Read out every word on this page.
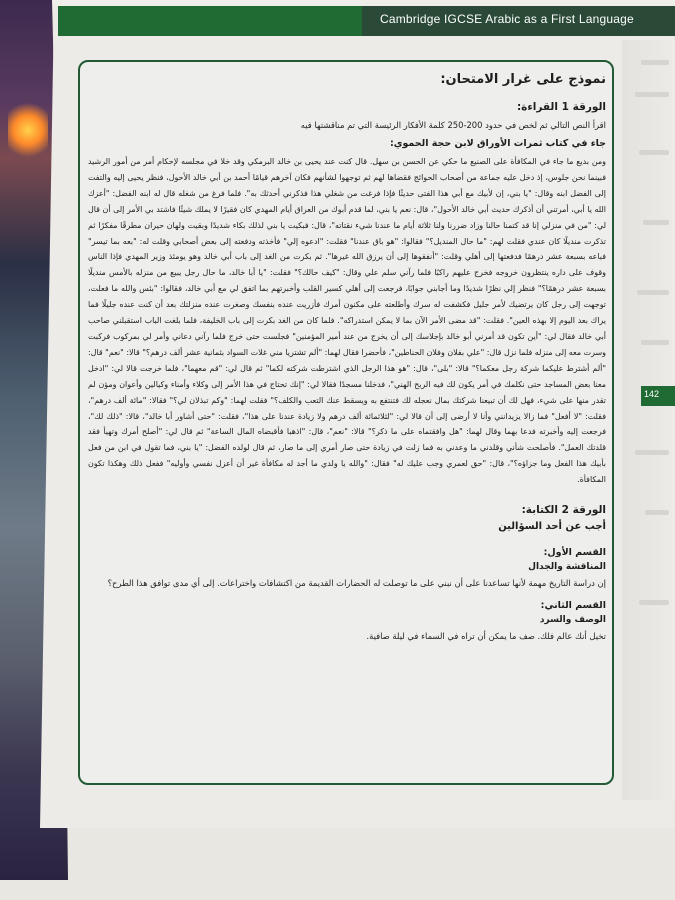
Cambridge IGCSE Arabic as a First Language
142
نموذج على غرار الامتحان:
الورقة 1 القراءة:
اقرأ النص التالي ثم لخص في حدود 200-250 كلمة الأفكار الرئيسة التي تم مناقشتها فيه
جاء في كتاب ثمرات الأوراق لابن حجة الحموي:
ومن بديع ما جاء في المكافأة على الصنيع ما حكي عن الحسن بن سهل. قال كنت عند يحيى بن خالد البرمكي وقد خلا في مجلسه لإحكام أمر من أمور الرشيد فبينما نحن جلوس، إذ دخل عليه جماعة من أصحاب الحوائج فقضاها لهم ثم توجهوا لشأنهم فكان آخرهم قيامًا أحمد بن أبي خالد الأحول، فنظر يحيى إليه والتفت إلى الفضل ابنه وقال: "يا بني، إن لأبيك مع أبي هذا الفتى حديثًا فإذا فرغت من شغلي هذا فذكرني أحدثك به". فلما فرغ من شغله قال له ابنه الفضل: "أعزك الله يا أبي، أمرتني أن أذكرك حديث أبي خالد الأحول"، قال: نعم يا بني، لما قدم أبوك من العراق أيام المهدي كان فقيرًا لا يملك شيئًا فاشتد بي الأمر إلى أن قال لي: "من في منزلي إنا قد كتمنا حالنا وزاد ضررنا ولنا ثلاثة أيام ما عندنا شيء نقتاته"، قال: فبكيت يا بني لذلك بكاء شديدًا وبقيت ولهان حيران مطرقًا مفكرًا ثم تذكرت منديلًا كان عندي فقلت لهم: "ما حال المنديل؟" فقالوا: "هو باق عندنا" فقلت: "ادعوه إلي" فأخذته ودفعته إلى بعض أصحابي وقلت له: "بعه بما تيسر" فباعه بسبعة عشر درهمًا فدفعتها إلى أهلي وقلت: "أنفقوها إلى أن يرزق الله غيرها". ثم بكرت من الغد إلى باب أبي خالد وهو يومئذ وزير المهدي فإذا الناس وقوف على داره ينتظرون خروجه فخرج عليهم راكبًا فلما رآني سلم علي وقال: "كيف حالك؟" فقلت: "يا أبا خالد، ما حال رجل يبيع من منزله بالأمس منديلًا بسبعة عشر درهمًا؟" فنظر إلي نظرًا شديدًا وما أجابني جوابًا، فرجعت إلى أهلي كسير القلب وأخبرتهم بما اتفق لي مع أبي خالد، فقالوا: "بئس والله ما فعلت، توجهت إلى رجل كان يرتضيك لأمر جليل فكشفت له سرك وأطلعته على مكنون أمرك فأزريت عنده بنفسك وصغرت عنده منزلتك بعد أن كنت عنده جليلًا فما يراك بعد اليوم إلا بهذه العين". فقلت: "قد مضى الأمر الآن بما لا يمكن استدراكه". فلما كان من الغد بكرت إلى باب الخليفة، فلما بلغت الباب استقبلني صاحب أبي خالد فقال لي: "أين تكون قد أمرني أبو خالد بإجلاسك إلى أن يخرج من عند أمير المؤمنين" فجلست حتى خرج فلما رآني دعاني وأمر لي بمركوب فركبت وسرت معه إلى منزله فلما نزل قال: "علي بفلان وفلان الحناطين"، فأحضرا فقال لهما: "ألم تشتريا مني غلات السواد بثمانية عشر ألف درهم؟" قالا: "نعم" قال: "ألم أشترط عليكما شركة رجل معكما؟" قالا: "بلى"، قال: "هو هذا الرجل الذي اشترطت شركته لكما" ثم قال لي: "قم معهما"، فلما خرجت قالا لي: "ادخل معنا بعض المساجد حتى نكلمك في أمر يكون لك فيه الربح الهني"، فدخلنا مسجدًا فقالا لي: "إنك تحتاج في هذا الأمر إلى وكلاء وأمناء وكيالين وأعوان ومؤن لم تقدر منها على شيء، فهل لك أن تبيعنا شركتك بمال نعجله لك فتنتفع به ويسقط عنك التعب والكلف؟" فقلت لهما: "وكم تبذلان لي؟" فقالا: "مائة ألف درهم"، فقلت: "لا أفعل" فما زالا يزيدانني وأنا لا أرضى إلى أن قالا لي: "لثلاثمائة ألف درهم ولا زيادة عندنا على هذا"، فقلت: "حتى أشاور أبا خالد"، قالا: "ذلك لك"، فرجعت إليه وأخبرته فدعا بهما وقال لهما: "هل وافقتماه على ما ذكر؟" قالا: "نعم"، قال: "اذهبا فأقبضاه المال الساعة" ثم قال لي: "أصلح أمرك وتهيأ فقد قلدتك العمل". فأصلحت شأني وقلدني ما وعدني به فما زلت في زيادة حتى صار أمري إلى ما صار، ثم قال لولده الفضل: "يا بني، فما تقول في ابن من فعل بأبيك هذا الفعل وما جزاؤه؟"، قال: "حق لعمري وجب عليك له" فقال: "والله يا ولدي ما أجد له مكافأة غير أن أعزل نفسي وأوليه" ففعل ذلك وهكذا تكون المكافأة.
الورقة 2 الكتابة:
أجب عن أحد السؤالين
القسم الأول:
المناقشة والجدال
إن دراسة التاريخ مهمة لأنها تساعدنا على أن نبني على ما توصلت له الحضارات القديمة من اكتشافات واختراعات. إلى أي مدى توافق هذا الطرح؟
القسم الثاني:
الوصف والسرد
تخيل أنك عالم فلك. صف ما يمكن أن تراه في السماء في ليلة صافية.
